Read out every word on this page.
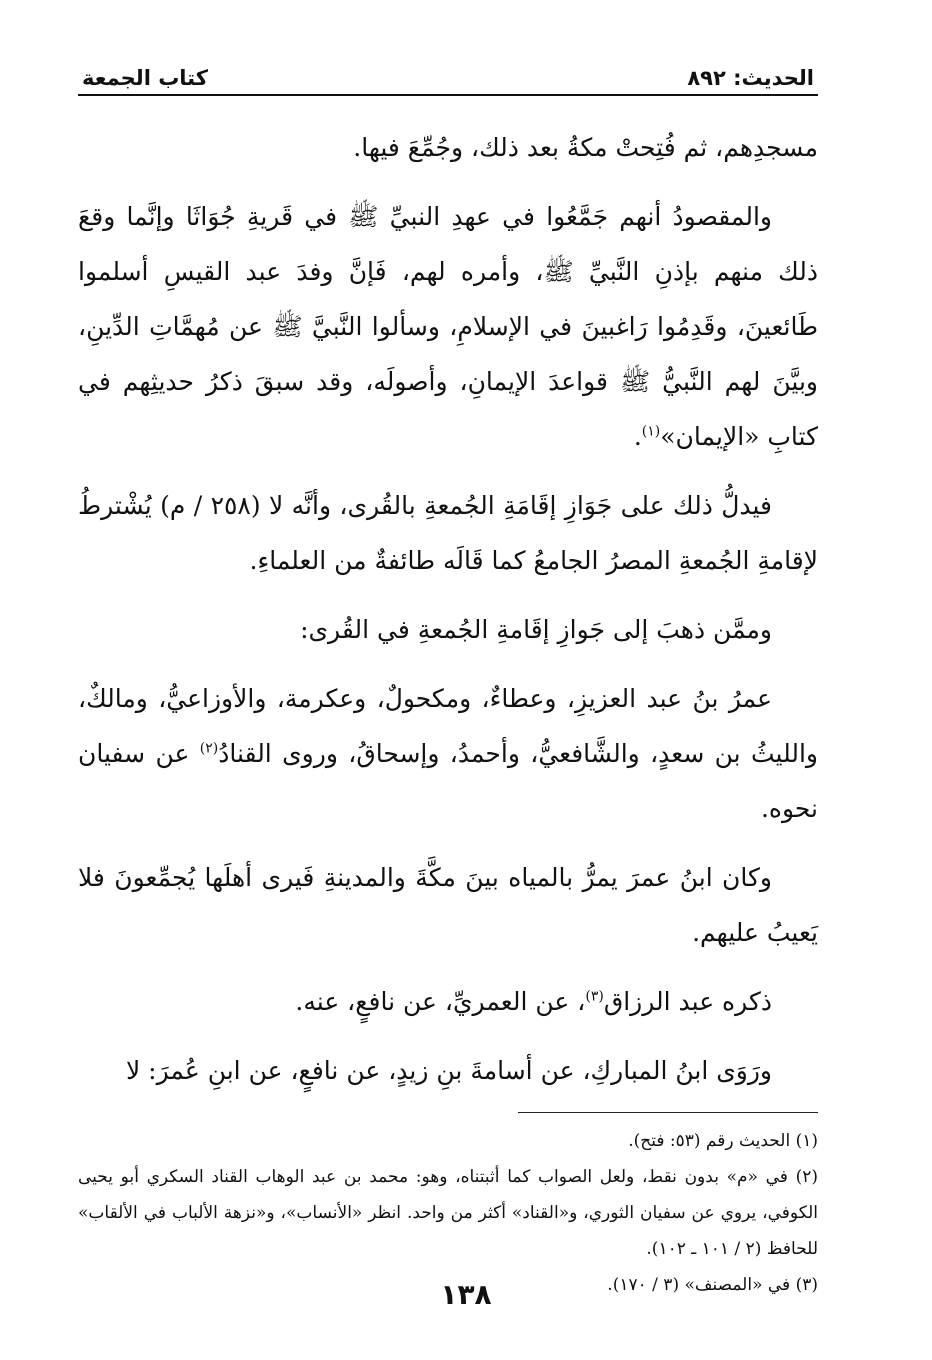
الحديث: ٨٩٢
كتاب الجمعة

مسجدِهم، ثم فُتِحتْ مكةُ بعد ذلك، وجُمِّعَ فيها.

والمقصودُ أنهم جَمَّعُوا في عهدِ النبيِّ ﷺ في قَريةِ جُوَاثَا وإنَّما وقعَ ذلك منهم بإذنِ النَّبيِّ ﷺ، وأمره لهم، فَإنَّ وفدَ عبد القيسِ أسلموا طَائعينَ، وقَدِمُوا رَاغبينَ في الإسلامِ، وسألوا النَّبيَّ ﷺ عن مُهمَّاتِ الدِّينِ، وبيَّنَ لهم النَّبيُّ ﷺ قواعدَ الإيمانِ، وأصولَه، وقد سبقَ ذكرُ حديثِهم في كتابِ «الإيمان»$^{(١)}$.

فيدلُّ ذلك على جَوَازِ إقَامَةِ الجُمعةِ بالقُرى، وأنَّه لا (٢٥٨ / م) يُشْترطُ لإقامةِ الجُمعةِ المصرُ الجامعُ كما قَالَه طائفةٌ من العلماءِ.

وممَّن ذهبَ إلى جَوازِ إقَامةِ الجُمعةِ في القُرى:

عمرُ بنُ عبد العزيزِ، وعطاءٌ، ومكحولٌ، وعكرمة، والأوزاعيُّ، ومالكٌ، والليثُ بن سعدٍ، والشَّافعيُّ، وأحمدُ، وإسحاقُ، وروى القنادُ$^{(٢)}$ عن سفيان نحوه.

وكان ابنُ عمرَ يمرُّ بالمياه بينَ مكَّةَ والمدينةِ فَيرى أهلَها يُجمِّعونَ فلا يَعيبُ عليهم.

ذكره عبد الرزاق$^{(٣)}$، عن العمريِّ، عن نافعٍ، عنه.

ورَوَى ابنُ المباركِ، عن أسامةَ بنِ زيدٍ، عن نافعٍ، عن ابنِ عُمرَ: لا

(١) الحديث رقم (٥٣: فتح).

(٢) في «م» بدون نقط، ولعل الصواب كما أثبتناه، وهو: محمد بن عبد الوهاب القناد السكري أبو يحيى الكوفي، يروي عن سفيان الثوري، و«القناد» أكثر من واحد. انظر «الأنساب»، و«نزهة الألباب في الألقاب» للحافظ (٢ / ١٠١ ـ ١٠٢).

(٣) في «المصنف» (٣ / ١٧٠).

١٣٨
